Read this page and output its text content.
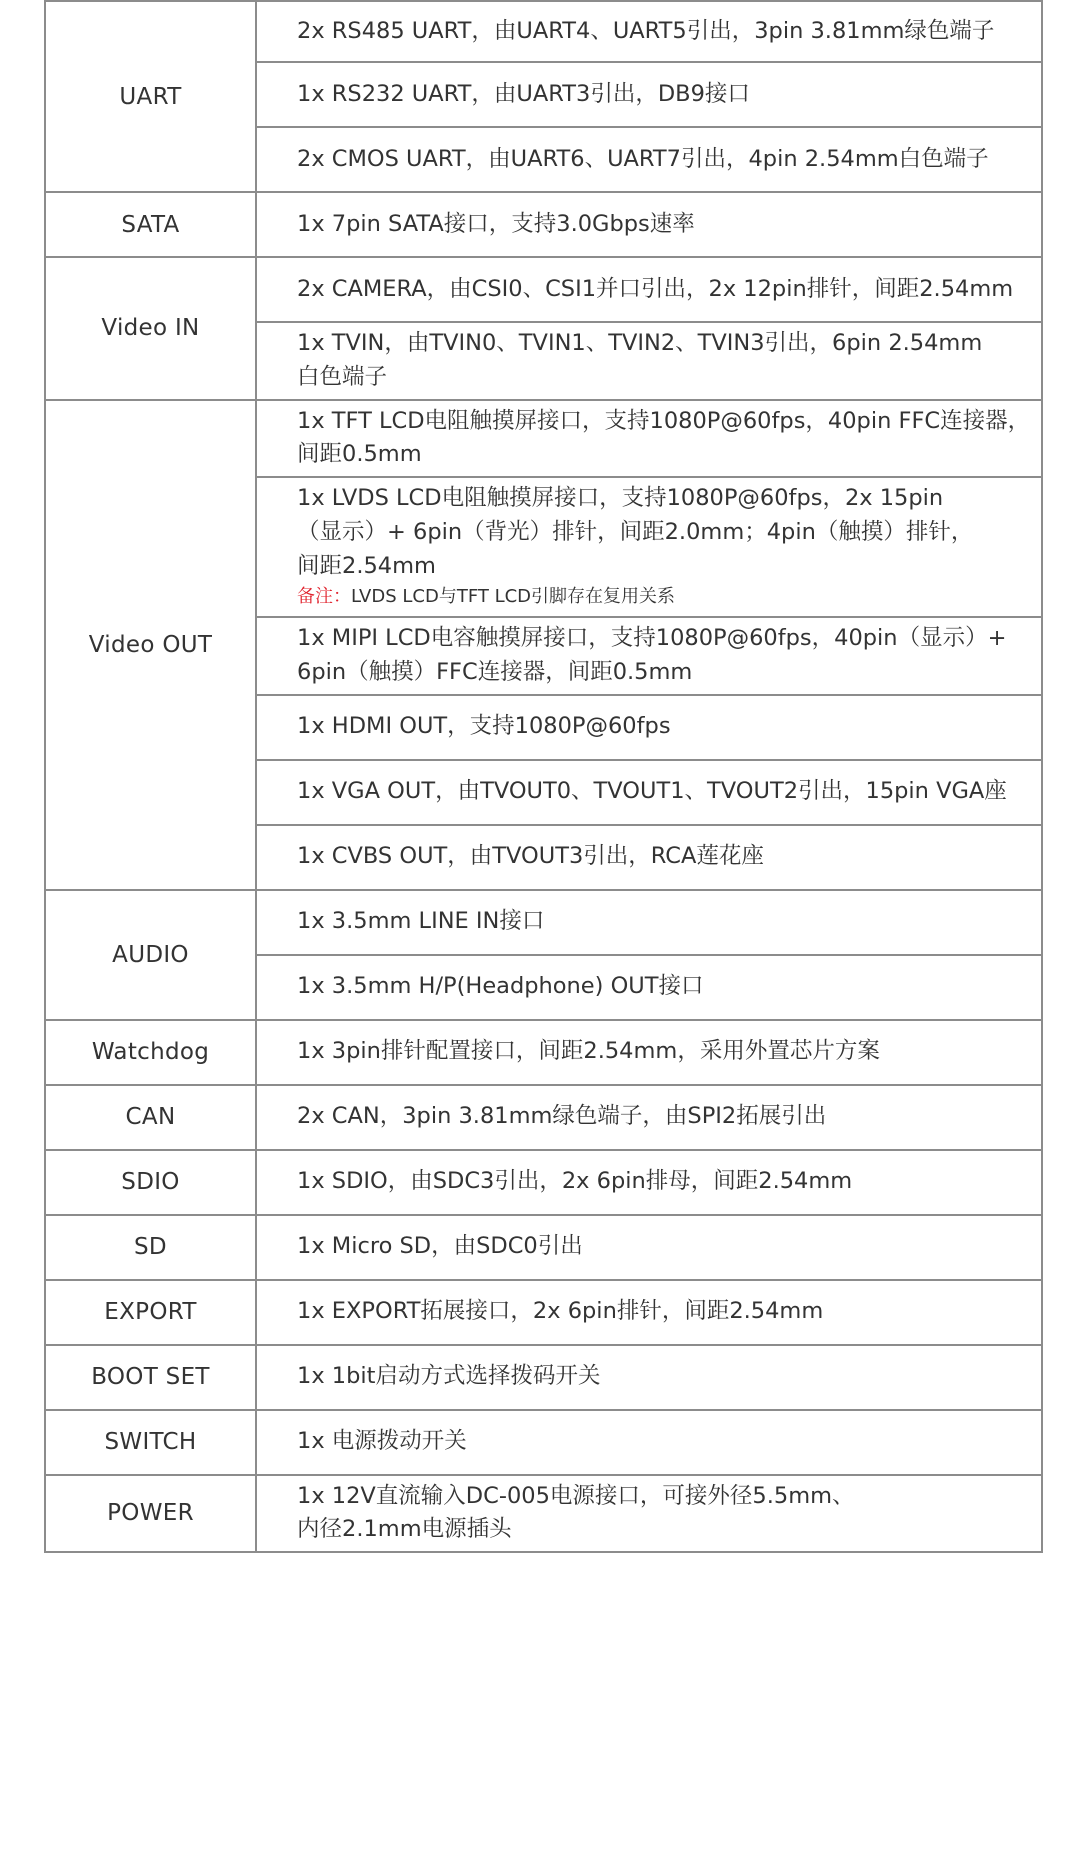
UART	2x RS485 UART，由UART4、UART5引出，3pin 3.81mm绿色端子

	1x RS232 UART，由UART3引出，DB9接口

	2x CMOS UART，由UART6、UART7引出，4pin 2.54mm白色端子

SATA	1x 7pin SATA接口，支持3.0Gbps速率

Video IN	2x CAMERA，由CSI0、CSI1并口引出，2x 12pin排针，间距2.54mm

	1x TVIN，由TVIN0、TVIN1、TVIN2、TVIN3引出，6pin 2.54mm
白色端子

Video OUT	1x TFT LCD电阻触摸屏接口，支持1080P@60fps，40pin FFC连接器，
间距0.5mm

	1x LVDS LCD电阻触摸屏接口，支持1080P@60fps，2x 15pin
（显示）+ 6pin（背光）排针，间距2.0mm；4pin（触摸）排针，
间距2.54mm
备注：LVDS LCD与TFT LCD引脚存在复用关系

	1x MIPI LCD电容触摸屏接口，支持1080P@60fps，40pin（显示）+
6pin（触摸）FFC连接器，间距0.5mm

	1x HDMI OUT，支持1080P@60fps

	1x VGA OUT，由TVOUT0、TVOUT1、TVOUT2引出，15pin VGA座

	1x CVBS OUT，由TVOUT3引出，RCA莲花座

AUDIO	1x 3.5mm LINE IN接口

	1x 3.5mm H/P(Headphone) OUT接口

Watchdog	1x 3pin排针配置接口，间距2.54mm，采用外置芯片方案

CAN	2x CAN，3pin 3.81mm绿色端子，由SPI2拓展引出

SDIO	1x SDIO，由SDC3引出，2x 6pin排母，间距2.54mm

SD	1x Micro SD，由SDC0引出

EXPORT	1x EXPORT拓展接口，2x 6pin排针，间距2.54mm

BOOT SET	1x 1bit启动方式选择拨码开关

SWITCH	1x 电源拨动开关

POWER	1x 12V直流输入DC-005电源接口，可接外径5.5mm、
内径2.1mm电源插头
